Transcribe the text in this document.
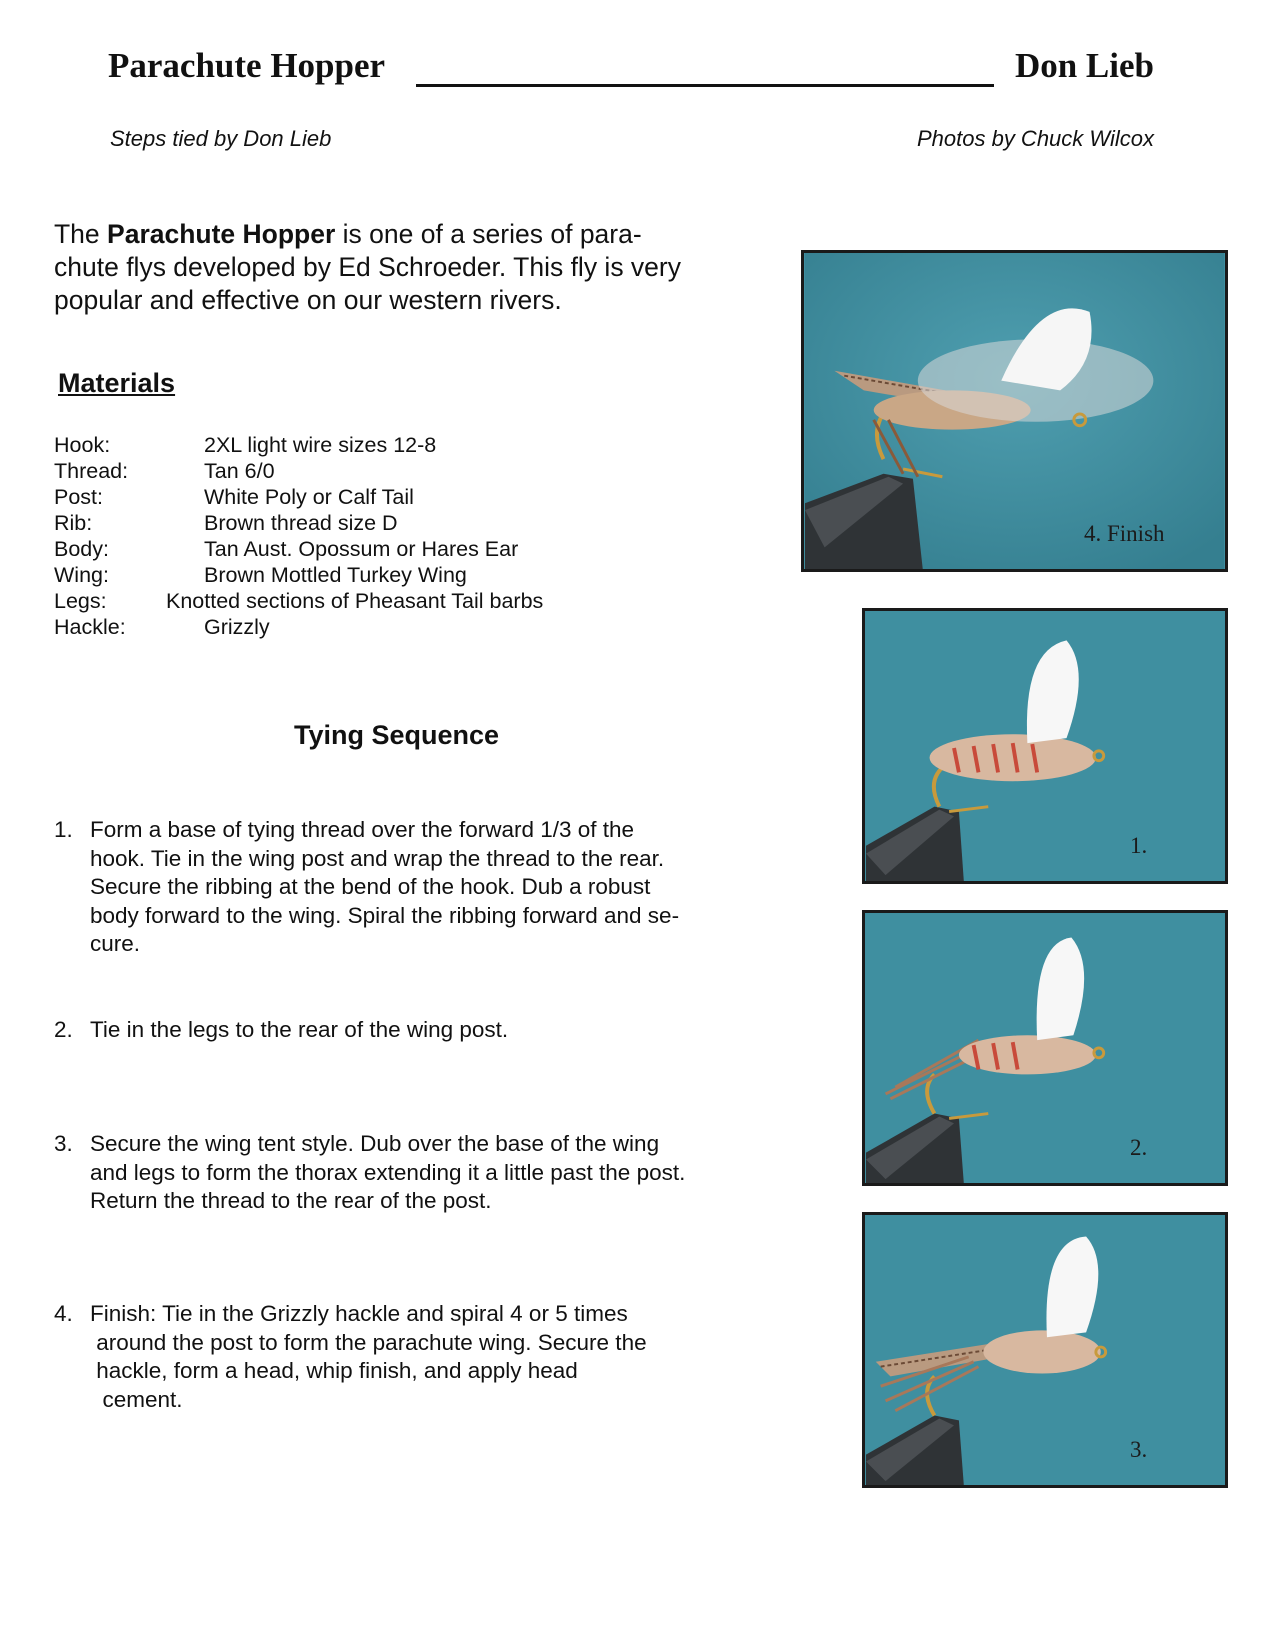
Parachute Hopper	Don Lieb
Steps tied by Don Lieb	Photos by Chuck Wilcox
The Parachute Hopper is one of a series of para-
chute flys developed by Ed Schroeder. This fly is very
popular and effective on our western rivers.
Materials
Hook:	2XL light wire sizes 12-8
Thread:	Tan 6/0
Post:	White Poly or Calf Tail
Rib:	Brown thread size D
Body:	Tan Aust. Opossum or Hares Ear
Wing:	Brown Mottled Turkey Wing
Legs:	Knotted sections of Pheasant Tail barbs
Hackle:	Grizzly
Tying Sequence
1. Form a base of tying thread over the forward 1/3 of the
hook. Tie in the wing post and wrap the thread to the rear.
Secure the ribbing at the bend of the hook. Dub a robust
body forward to the wing. Spiral the ribbing forward and se-
cure.
2. Tie in the legs to the rear of the wing post.
3. Secure the wing tent style. Dub over the base of the wing
and legs to form the thorax extending it a little past the post.
Return the thread to the rear of the post.
4. Finish: Tie in the Grizzly hackle and spiral 4 or 5 times
around the post to form the parachute wing. Secure the
hackle, form a head, whip finish, and apply head
cement.
4. Finish
1.
2.
3.
